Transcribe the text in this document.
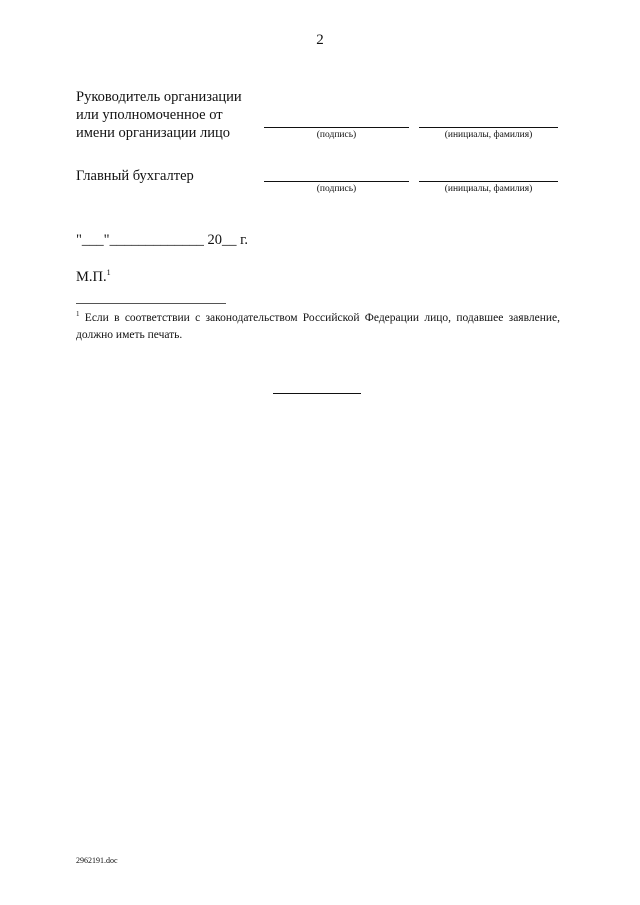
2
Руководитель организации
или уполномоченное от
имени организации лицо	(подпись)	(инициалы, фамилия)
Главный бухгалтер
(подпись)	(инициалы, фамилия)
"___"_____________ 20__ г.
М.П.$^1$
$^1$ Если в соответствии с законодательством Российской Федерации лицо, подавшее заявление, должно иметь печать.
2962191.doc
